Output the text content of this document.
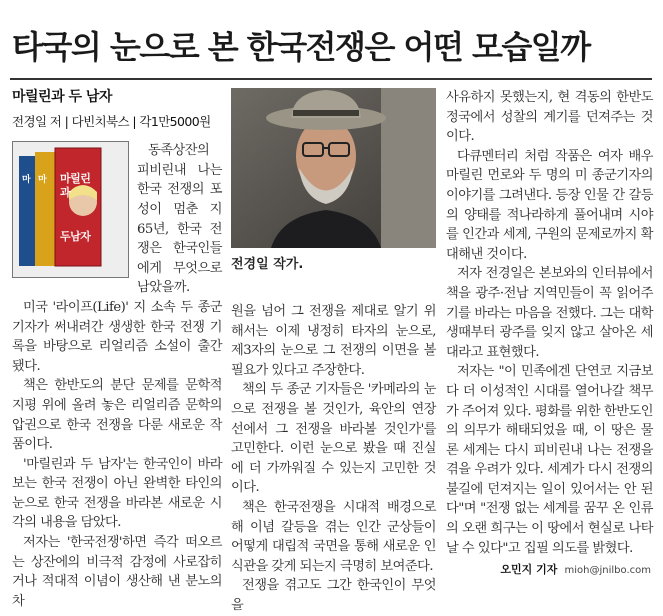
타국의 눈으로 본 한국전쟁은 어떤 모습일까
마릴린과 두 남자
전경일 저 | 다빈치북스 | 각1만5000원
마릴린
과
두남자
마 마

동족상잔의 피비린내 나는 한국 전쟁의 포성이 멈춘 지 65년, 한국 전쟁은 한국인들에게 무엇으로 남았을까.

미국 '라이프(Life)' 지 소속 두 종군기자가 써내려간 생생한 한국 전쟁 기록을 바탕으로 리얼리즘 소설이 출간됐다.

책은 한반도의 분단 문제를 문학적 지평 위에 올려 놓은 리얼리즘 문학의 압권으로 한국 전쟁을 다룬 새로운 작품이다.

'마릴린과 두 남자'는 한국인이 바라보는 한국 전쟁이 아닌 완벽한 타인의 눈으로 한국 전쟁을 바라본 새로운 시각의 내용을 담았다.

저자는 '한국전쟁'하면 즉각 떠오르는 상잔에의 비극적 감정에 사로잡히거나 적대적 이념이 생산해 낸 분노의 차

전경일 작가.

원을 넘어 그 전쟁을 제대로 알기 위해서는 이제 냉정히 타자의 눈으로, 제3자의 눈으로 그 전쟁의 이면을 볼 필요가 있다고 주장한다.

책의 두 종군 기자들은 '카메라의 눈으로 전쟁을 볼 것인가, 육안의 연장선에서 그 전쟁을 바라볼 것인가'를 고민한다. 이런 눈으로 봤을 때 진실에 더 가까워질 수 있는지 고민한 것이다.

책은 한국전쟁을 시대적 배경으로 해 이념 갈등을 겪는 인간 군상들이 어떻게 대립적 국면을 통해 새로운 인식관을 갖게 되는지 극명히 보여준다.

전쟁을 겪고도 그간 한국인이 무엇을

사유하지 못했는지, 현 격동의 한반도 정국에서 성찰의 계기를 던져주는 것이다.

다큐멘터리 처럼 작품은 여자 배우 마릴린 먼로와 두 명의 미 종군기자의 이야기를 그려낸다. 등장 인물 간 갈등의 양태를 적나라하게 풀어내며 시야를 인간과 세계, 구원의 문제로까지 확대해낸 것이다.

저자 전경일은 본보와의 인터뷰에서 책을 광주·전남 지역민들이 꼭 읽어주기를 바라는 마음을 전했다. 그는 대학생때부터 광주를 잊지 않고 살아온 세대라고 표현했다.

저자는 "이 민족에겐 단연코 지금보다 더 이성적인 시대를 열어나갈 책무가 주어져 있다. 평화를 위한 한반도인의 의무가 해태되었을 때, 이 땅은 물론 세계는 다시 피비린내 나는 전쟁을 겪을 우려가 있다. 세계가 다시 전쟁의 불길에 던져지는 일이 있어서는 안 된다"며 "전쟁 없는 세계를 꿈꾸 온 인류의 오랜 희구는 이 땅에서 현실로 나타날 수 있다"고 집필 의도를 밝혔다.

오민지 기자 mioh@jnilbo.com
